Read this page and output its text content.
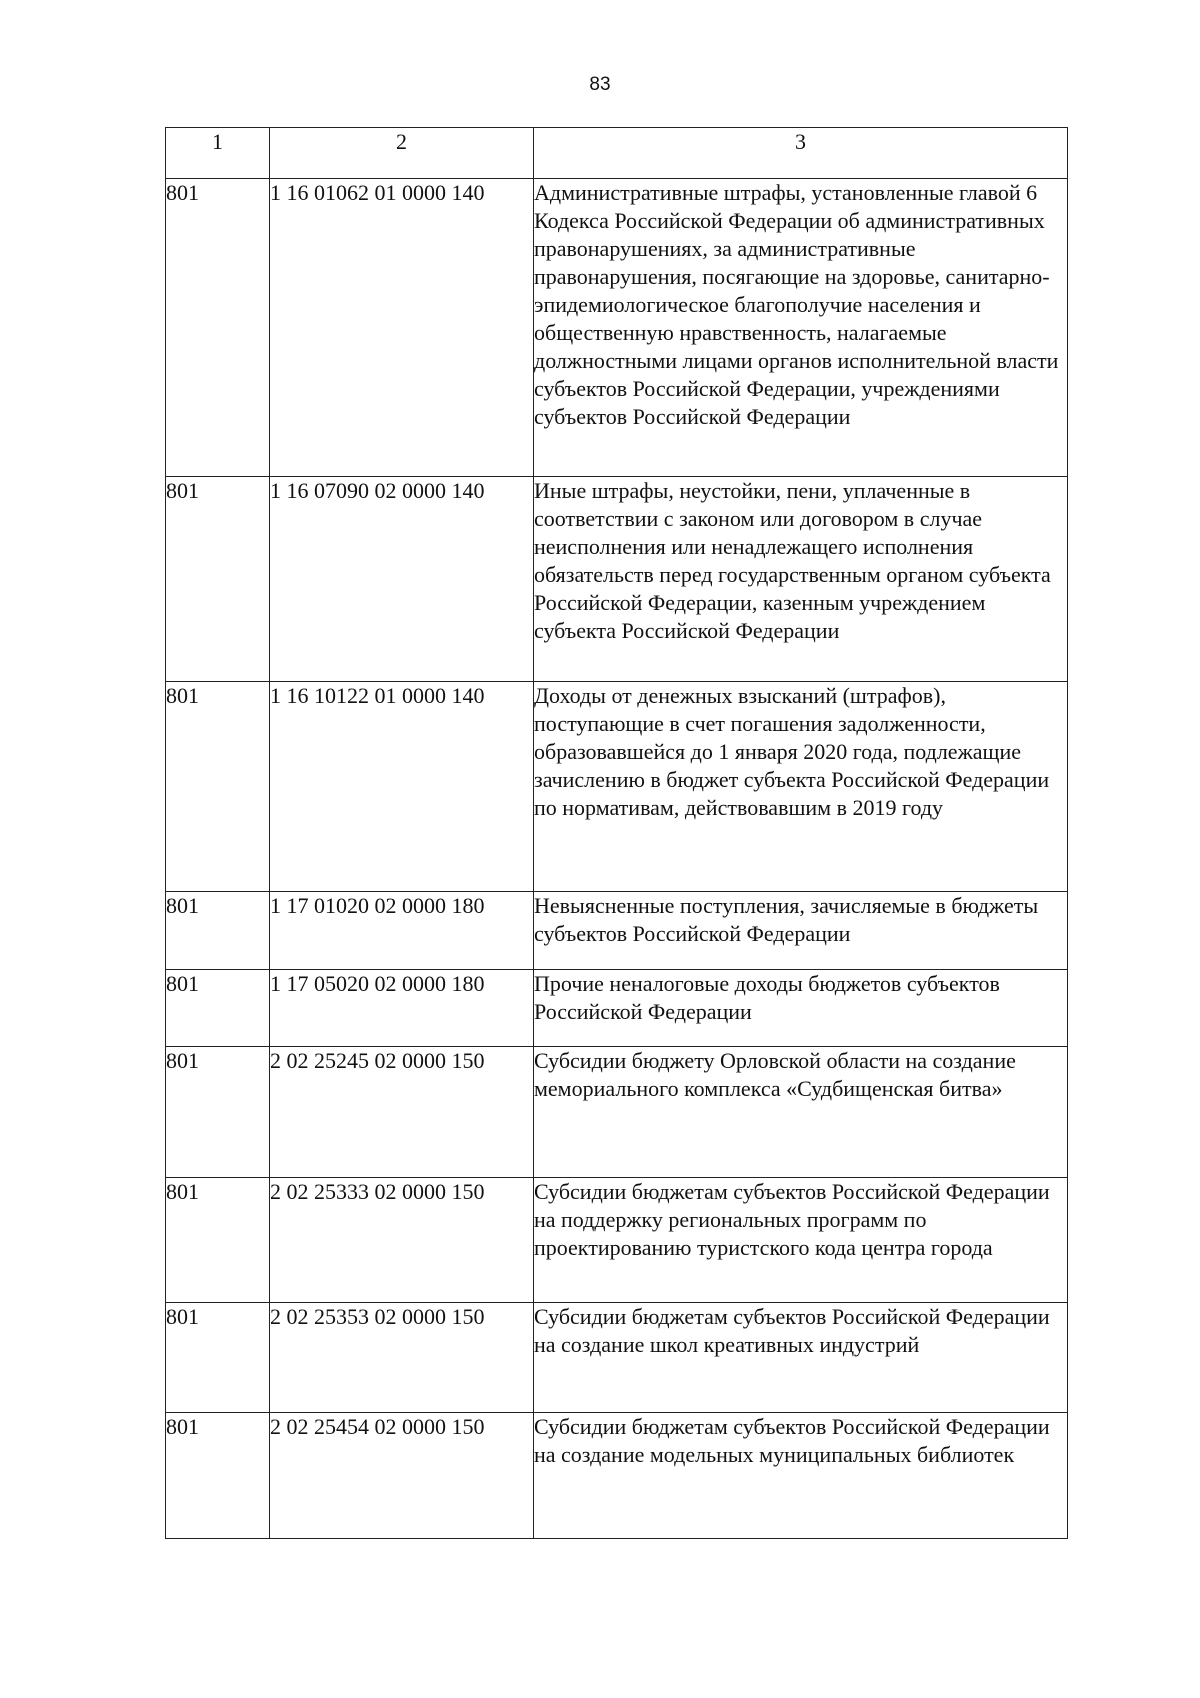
83
1	2	3
801	1 16 01062 01 0000 140	Административные штрафы, установленные главой 6 Кодекса Российской Федерации об административных правонарушениях, за административные правонарушения, посягающие на здоровье, санитарно-эпидемиологическое благополучие населения и общественную нравственность, налагаемые должностными лицами органов исполнительной власти субъектов Российской Федерации, учреждениями субъектов Российской Федерации
801	1 16 07090 02 0000 140	Иные штрафы, неустойки, пени, уплаченные в соответствии с законом или договором в случае неисполнения или ненадлежащего исполнения обязательств перед государственным органом субъекта Российской Федерации, казенным учреждением субъекта Российской Федерации
801	1 16 10122 01 0000 140	Доходы от денежных взысканий (штрафов), поступающие в счет погашения задолженности, образовавшейся до 1 января 2020 года, подлежащие зачислению в бюджет субъекта Российской Федерации по нормативам, действовавшим в 2019 году
801	1 17 01020 02 0000 180	Невыясненные поступления, зачисляемые в бюджеты субъектов Российской Федерации
801	1 17 05020 02 0000 180	Прочие неналоговые доходы бюджетов субъектов Российской Федерации
801	2 02 25245 02 0000 150	Субсидии бюджету Орловской области на создание мемориального комплекса «Судбищенская битва»
801	2 02 25333 02 0000 150	Субсидии бюджетам субъектов Российской Федерации на поддержку региональных программ по проектированию туристского кода центра города
801	2 02 25353 02 0000 150	Субсидии бюджетам субъектов Российской Федерации на создание школ креативных индустрий
801	2 02 25454 02 0000 150	Субсидии бюджетам субъектов Российской Федерации на создание модельных муниципальных библиотек
